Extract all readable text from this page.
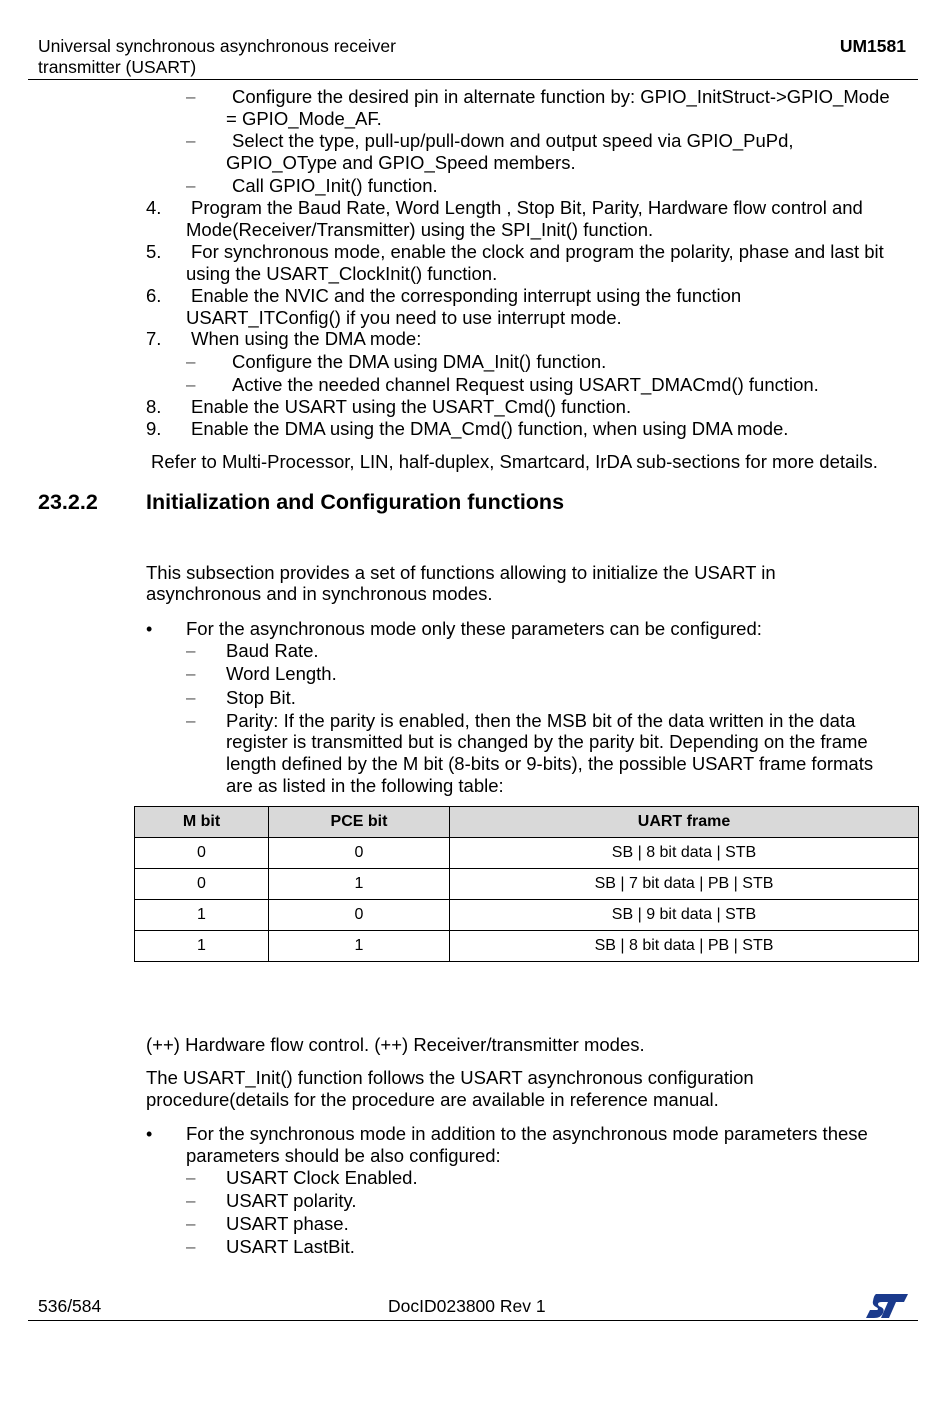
Universal synchronous asynchronous receiver
transmitter (USART)
UM1581
– Configure the desired pin in alternate function by: GPIO_InitStruct->GPIO_Mode
= GPIO_Mode_AF.
– Select the type, pull-up/pull-down and output speed via GPIO_PuPd,
GPIO_OType and GPIO_Speed members.
– Call GPIO_Init() function.
4. Program the Baud Rate, Word Length , Stop Bit, Parity, Hardware flow control and
Mode(Receiver/Transmitter) using the SPI_Init() function.
5. For synchronous mode, enable the clock and program the polarity, phase and last bit
using the USART_ClockInit() function.
6. Enable the NVIC and the corresponding interrupt using the function
USART_ITConfig() if you need to use interrupt mode.
7. When using the DMA mode:
– Configure the DMA using DMA_Init() function.
– Active the needed channel Request using USART_DMACmd() function.
8. Enable the USART using the USART_Cmd() function.
9. Enable the DMA using the DMA_Cmd() function, when using DMA mode.
Refer to Multi-Processor, LIN, half-duplex, Smartcard, IrDA sub-sections for more details.
23.2.2 Initialization and Configuration functions
This subsection provides a set of functions allowing to initialize the USART in
asynchronous and in synchronous modes.
• For the asynchronous mode only these parameters can be configured:
– Baud Rate.
– Word Length.
– Stop Bit.
– Parity: If the parity is enabled, then the MSB bit of the data written in the data
register is transmitted but is changed by the parity bit. Depending on the frame
length defined by the M bit (8-bits or 9-bits), the possible USART frame formats
are as listed in the following table:
M bit	PCE bit	UART frame
0	0	SB | 8 bit data | STB
0	1	SB | 7 bit data | PB | STB
1	0	SB | 9 bit data | STB
1	1	SB | 8 bit data | PB | STB
(++) Hardware flow control. (++) Receiver/transmitter modes.
The USART_Init() function follows the USART asynchronous configuration
procedure(details for the procedure are available in reference manual.
• For the synchronous mode in addition to the asynchronous mode parameters these
parameters should be also configured:
– USART Clock Enabled.
– USART polarity.
– USART phase.
– USART LastBit.
536/584	DocID023800 Rev 1
